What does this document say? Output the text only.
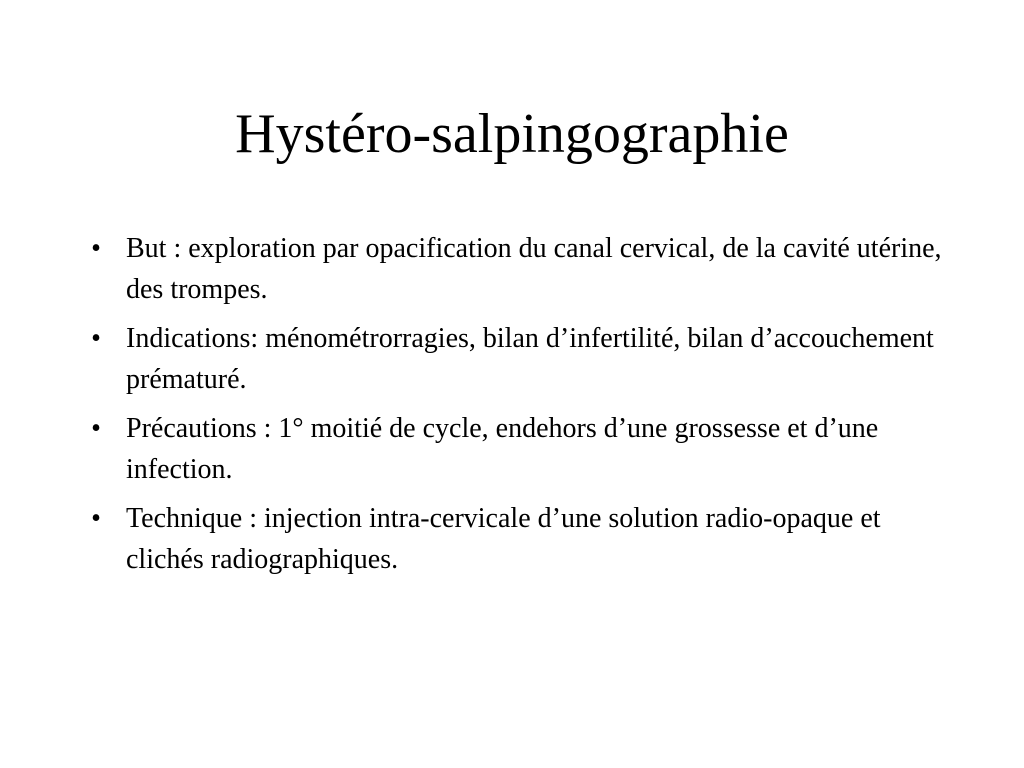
Hystéro-salpingographie
• But : exploration par opacification du canal cervical, de la cavité utérine, des trompes.
• Indications: ménométrorragies, bilan d’infertilité, bilan d’accouchement prématuré.
• Précautions : 1° moitié de cycle, endehors d’une grossesse et d’une infection.
• Technique : injection intra-cervicale d’une solution radio-opaque et clichés radiographiques.
